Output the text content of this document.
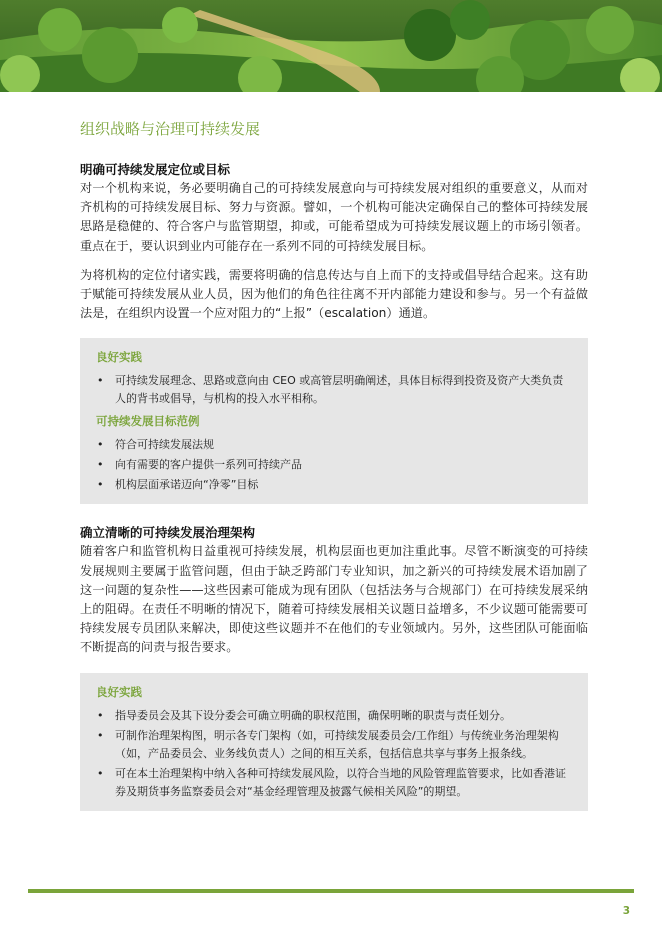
组织战略与治理可持续发展
明确可持续发展定位或目标

对一个机构来说，务必要明确自己的可持续发展意向与可持续发展对组织的重要意义，从而对齐机构的可持续发展目标、努力与资源。譬如，一个机构可能决定确保自己的整体可持续发展思路是稳健的、符合客户与监管期望，抑或，可能希望成为可持续发展议题上的市场引领者。重点在于，要认识到业内可能存在一系列不同的可持续发展目标。

为将机构的定位付诸实践，需要将明确的信息传达与自上而下的支持或倡导结合起来。这有助于赋能可持续发展从业人员，因为他们的角色往往离不开内部能力建设和参与。另一个有益做法是，在组织内设置一个应对阻力的“上报”（escalation）通道。

良好实践
• 可持续发展理念、思路或意向由 CEO 或高管层明确阐述，具体目标得到投资及资产大类负责人的背书或倡导，与机构的投入水平相称。
可持续发展目标范例
• 符合可持续发展法规
• 向有需要的客户提供一系列可持续产品
• 机构层面承诺迈向“净零”目标
确立清晰的可持续发展治理架构

随着客户和监管机构日益重视可持续发展，机构层面也更加注重此事。尽管不断演变的可持续发展规则主要属于监管问题，但由于缺乏跨部门专业知识，加之新兴的可持续发展术语加剧了这一问题的复杂性——这些因素可能成为现有团队（包括法务与合规部门）在可持续发展采纳上的阻碍。在责任不明晰的情况下，随着可持续发展相关议题日益增多，不少议题可能需要可持续发展专员团队来解决，即使这些议题并不在他们的专业领域内。另外，这些团队可能面临不断提高的问责与报告要求。

良好实践
• 指导委员会及其下设分委会可确立明确的职权范围，确保明晰的职责与责任划分。
• 可制作治理架构图，明示各专门架构（如，可持续发展委员会/工作组）与传统业务治理架构（如，产品委员会、业务线负责人）之间的相互关系，包括信息共享与事务上报条线。
• 可在本土治理架构中纳入各种可持续发展风险，以符合当地的风险管理监管要求，比如香港证券及期货事务监察委员会对“基金经理管理及披露气候相关风险”的期望。
3
